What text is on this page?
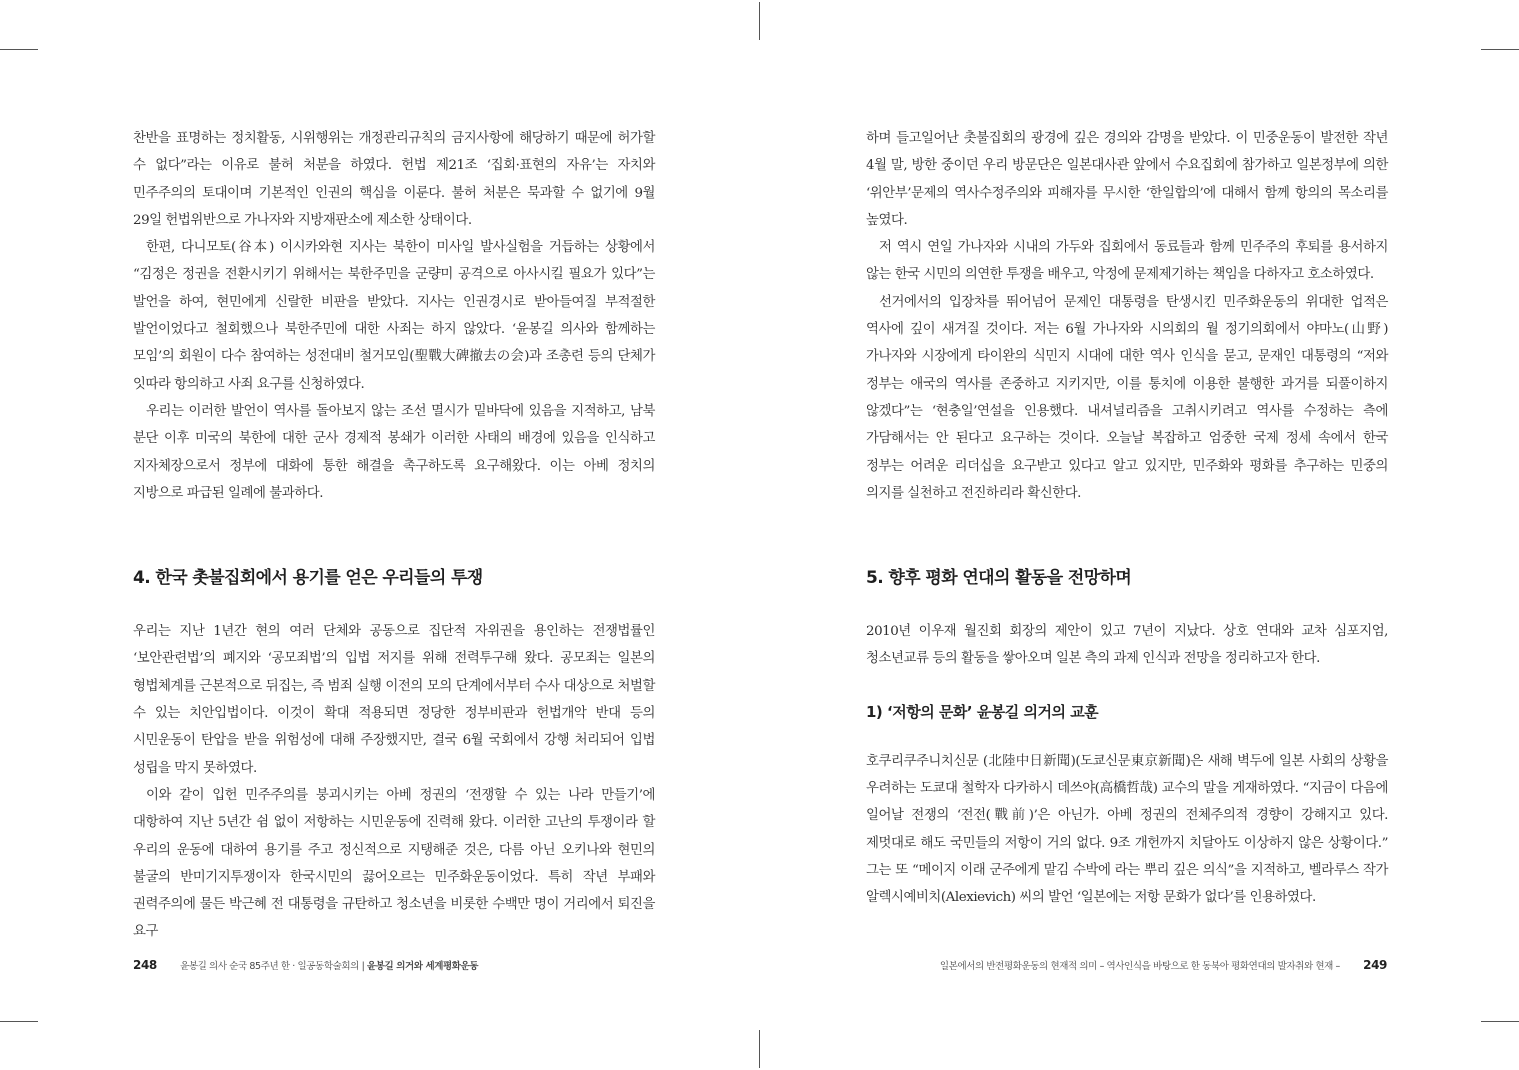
찬반을 표명하는 정치활동, 시위행위는 개정관리규칙의 금지사항에 해당하기 때문에 허가할 수 없다”라는 이유로 불허 처분을 하였다. 헌법 제21조 ‘집회·표현의 자유’는 자치와 민주주의의 토대이며 기본적인 인권의 핵심을 이룬다. 불허 처분은 묵과할 수 없기에 9월 29일 헌법위반으로 가나자와 지방재판소에 제소한 상태이다.

한편, 다니모토(谷本) 이시카와현 지사는 북한이 미사일 발사실험을 거듭하는 상황에서 “김정은 정권을 전환시키기 위해서는 북한주민을 군량미 공격으로 아사시킬 필요가 있다”는 발언을 하여, 현민에게 신랄한 비판을 받았다. 지사는 인권경시로 받아들여질 부적절한 발언이었다고 철회했으나 북한주민에 대한 사죄는 하지 않았다. ‘윤봉길 의사와 함께하는 모임’의 회원이 다수 참여하는 성전대비 철거모임(聖戰大碑撤去の会)과 조총련 등의 단체가 잇따라 항의하고 사죄 요구를 신청하였다.

우리는 이러한 발언이 역사를 돌아보지 않는 조선 멸시가 밑바닥에 있음을 지적하고, 남북 분단 이후 미국의 북한에 대한 군사 경제적 봉쇄가 이러한 사태의 배경에 있음을 인식하고 지자체장으로서 정부에 대화에 통한 해결을 촉구하도록 요구해왔다. 이는 아베 정치의 지방으로 파급된 일례에 불과하다.

4. 한국 촛불집회에서 용기를 얻은 우리들의 투쟁

우리는 지난 1년간 현의 여러 단체와 공동으로 집단적 자위권을 용인하는 전쟁법률인 ‘보안관련법’의 폐지와 ‘공모죄법’의 입법 저지를 위해 전력투구해 왔다. 공모죄는 일본의 형법체계를 근본적으로 뒤집는, 즉 범죄 실행 이전의 모의 단계에서부터 수사 대상으로 처벌할 수 있는 치안입법이다. 이것이 확대 적용되면 정당한 정부비판과 헌법개악 반대 등의 시민운동이 탄압을 받을 위험성에 대해 주장했지만, 결국 6월 국회에서 강행 처리되어 입법 성립을 막지 못하였다.

이와 같이 입헌 민주주의를 붕괴시키는 아베 정권의 ‘전쟁할 수 있는 나라 만들기’에 대항하여 지난 5년간 쉼 없이 저항하는 시민운동에 진력해 왔다. 이러한 고난의 투쟁이라 할 우리의 운동에 대하여 용기를 주고 정신적으로 지탱해준 것은, 다름 아닌 오키나와 현민의 불굴의 반미기지투쟁이자 한국시민의 끓어오르는 민주화운동이었다. 특히 작년 부패와 권력주의에 물든 박근혜 전 대통령을 규탄하고 청소년을 비롯한 수백만 명이 거리에서 퇴진을 요구

248 윤봉길 의사 순국 85주년 한 · 일공동학술회의 | 윤봉길 의거와 세계평화운동

하며 들고일어난 촛불집회의 광경에 깊은 경의와 감명을 받았다. 이 민중운동이 발전한 작년 4월 말, 방한 중이던 우리 방문단은 일본대사관 앞에서 수요집회에 참가하고 일본정부에 의한 ‘위안부’문제의 역사수정주의와 피해자를 무시한 ‘한일합의’에 대해서 함께 항의의 목소리를 높였다.

저 역시 연일 가나자와 시내의 가두와 집회에서 동료들과 함께 민주주의 후퇴를 용서하지 않는 한국 시민의 의연한 투쟁을 배우고, 악정에 문제제기하는 책임을 다하자고 호소하였다.

선거에서의 입장차를 뛰어넘어 문제인 대통령을 탄생시킨 민주화운동의 위대한 업적은 역사에 깊이 새겨질 것이다. 저는 6월 가나자와 시의회의 월 정기의회에서 야마노(山野) 가나자와 시장에게 타이완의 식민지 시대에 대한 역사 인식을 묻고, 문재인 대통령의 “저와 정부는 애국의 역사를 존중하고 지키지만, 이를 통치에 이용한 불행한 과거를 되풀이하지 않겠다”는 ‘현충일’연설을 인용했다. 내셔널리즘을 고취시키려고 역사를 수정하는 측에 가담해서는 안 된다고 요구하는 것이다. 오늘날 복잡하고 엄중한 국제 정세 속에서 한국 정부는 어려운 리더십을 요구받고 있다고 알고 있지만, 민주화와 평화를 추구하는 민중의 의지를 실천하고 전진하리라 확신한다.

5. 향후 평화 연대의 활동을 전망하며

2010년 이우재 월진회 회장의 제안이 있고 7년이 지났다. 상호 연대와 교차 심포지엄, 청소년교류 등의 활동을 쌓아오며 일본 측의 과제 인식과 전망을 정리하고자 한다.

1) ‘저항의 문화’ 윤봉길 의거의 교훈

호쿠리쿠주니치신문 (北陸中日新聞)(도쿄신문東京新聞)은 새해 벽두에 일본 사회의 상황을 우려하는 도쿄대 철학자 다카하시 데쓰야(高橋哲哉) 교수의 말을 게재하였다. “지금이 다음에 일어날 전쟁의 ‘전전(戰前)’은 아닌가. 아베 정권의 전체주의적 경향이 강해지고 있다. 제멋대로 해도 국민들의 저항이 거의 없다. 9조 개헌까지 치달아도 이상하지 않은 상황이다.” 그는 또 “메이지 이래 군주에게 맡김 수박에 라는 뿌리 깊은 의식”을 지적하고, 벨라루스 작가 알렉시예비치(Alexievich) 씨의 발언 ‘일본에는 저항 문화가 없다’를 인용하였다.

일본에서의 반전평화운동의 현재적 의미 – 역사인식을 바탕으로 한 동북아 평화연대의 발자취와 현재 – 249
